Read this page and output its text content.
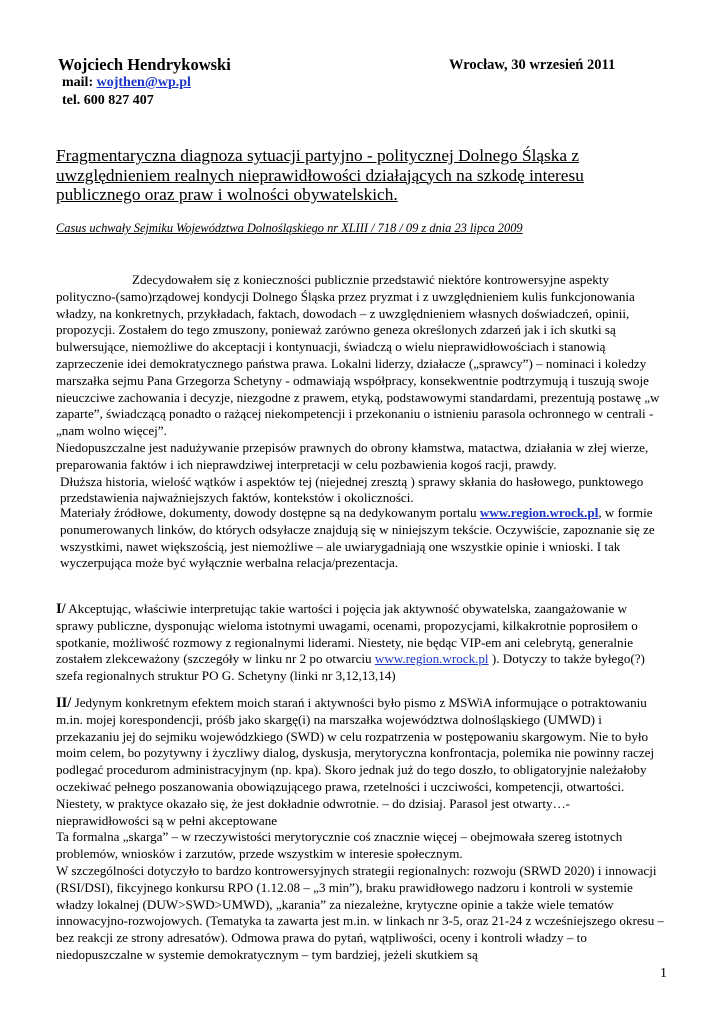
Wojciech Hendrykowski	Wrocław, 30 wrzesień 2011
mail: wojthen@wp.pl
tel. 600 827 407
Fragmentaryczna diagnoza sytuacji partyjno - politycznej Dolnego Śląska z uwzględnieniem realnych nieprawidłowości działających na szkodę interesu publicznego oraz praw i wolności obywatelskich.
Casus uchwały Sejmiku Województwa Dolnośląskiego nr XLIII / 718 / 09 z dnia 23 lipca 2009

Zdecydowałem się z konieczności publicznie przedstawić niektóre kontrowersyjne aspekty polityczno-(samo)rządowej kondycji Dolnego Śląska przez pryzmat i z uwzględnieniem kulis funkcjonowania władzy, na konkretnych, przykładach, faktach, dowodach – z uwzględnieniem własnych doświadczeń, opinii, propozycji. Zostałem do tego zmuszony, ponieważ zarówno geneza określonych zdarzeń jak i ich skutki są bulwersujące, niemożliwe do akceptacji i kontynuacji, świadczą o wielu nieprawidłowościach i stanowią zaprzeczenie idei demokratycznego państwa prawa. Lokalni liderzy, działacze („sprawcy”) – nominaci i koledzy marszałka sejmu Pana Grzegorza Schetyny - odmawiają współpracy, konsekwentnie podtrzymują i tuszują swoje nieuczciwe zachowania i decyzje, niezgodne z prawem, etyką, podstawowymi standardami, prezentują postawę „w zaparte”, świadczącą ponadto o rażącej niekompetencji i przekonaniu o istnieniu parasola ochronnego w centrali - „nam wolno więcej”.

Niedopuszczalne jest nadużywanie przepisów prawnych do obrony kłamstwa, matactwa, działania w złej wierze, preparowania faktów i ich nieprawdziwej interpretacji w celu pozbawienia kogoś racji, prawdy.

Dłuższa historia, wielość wątków i aspektów tej (niejednej zresztą ) sprawy skłania do hasłowego, punktowego przedstawienia najważniejszych faktów, kontekstów i okoliczności.

Materiały źródłowe, dokumenty, dowody dostępne są na dedykowanym portalu www.region.wrock.pl, w formie ponumerowanych linków, do których odsyłacze znajdują się w niniejszym tekście. Oczywiście, zapoznanie się ze wszystkimi, nawet większością, jest niemożliwe – ale uwiarygadniają one wszystkie opinie i wnioski. I tak wyczerpująca może być wyłącznie werbalna relacja/prezentacja.

I/ Akceptując, właściwie interpretując takie wartości i pojęcia jak aktywność obywatelska, zaangażowanie w sprawy publiczne, dysponując wieloma istotnymi uwagami, ocenami, propozycjami, kilkakrotnie poprosiłem o spotkanie, możliwość rozmowy z regionalnymi liderami. Niestety, nie będąc VIP-em ani celebrytą, generalnie zostałem zlekceważony (szczegóły w linku nr 2 po otwarciu www.region.wrock.pl ). Dotyczy to także byłego(?) szefa regionalnych struktur PO G. Schetyny (linki nr 3,12,13,14)

II/ Jedynym konkretnym efektem moich starań i aktywności było pismo z MSWiA informujące o potraktowaniu m.in. mojej korespondencji, próśb jako skargę(i) na marszałka województwa dolnośląskiego (UMWD) i przekazaniu jej do sejmiku wojewódzkiego (SWD) w celu rozpatrzenia w postępowaniu skargowym. Nie to było moim celem, bo pozytywny i życzliwy dialog, dyskusja, merytoryczna konfrontacja, polemika nie powinny raczej podlegać procedurom administracyjnym (np. kpa). Skoro jednak już do tego doszło, to obligatoryjnie należałoby oczekiwać pełnego poszanowania obowiązującego prawa, rzetelności i uczciwości, kompetencji, otwartości. Niestety, w praktyce okazało się, że jest dokładnie odwrotnie. – do dzisiaj. Parasol jest otwarty…- nieprawidłowości są w pełni akceptowane

Ta formalna „skarga” – w rzeczywistości merytorycznie coś znacznie więcej – obejmowała szereg istotnych problemów, wniosków i zarzutów, przede wszystkim w interesie społecznym.

W szczególności dotyczyło to bardzo kontrowersyjnych strategii regionalnych: rozwoju (SRWD 2020) i innowacji (RSI/DSI), fikcyjnego konkursu RPO (1.12.08 – „3 min”), braku prawidłowego nadzoru i kontroli w systemie władzy lokalnej (DUW>SWD>UMWD), „karania” za niezależne, krytyczne opinie a także wiele tematów innowacyjno-rozwojowych. (Tematyka ta zawarta jest m.in. w linkach nr 3-5, oraz 21-24 z wcześniejszego okresu – bez reakcji ze strony adresatów). Odmowa prawa do pytań, wątpliwości, oceny i kontroli władzy – to niedopuszczalne w systemie demokratycznym – tym bardziej, jeżeli skutkiem są

1
